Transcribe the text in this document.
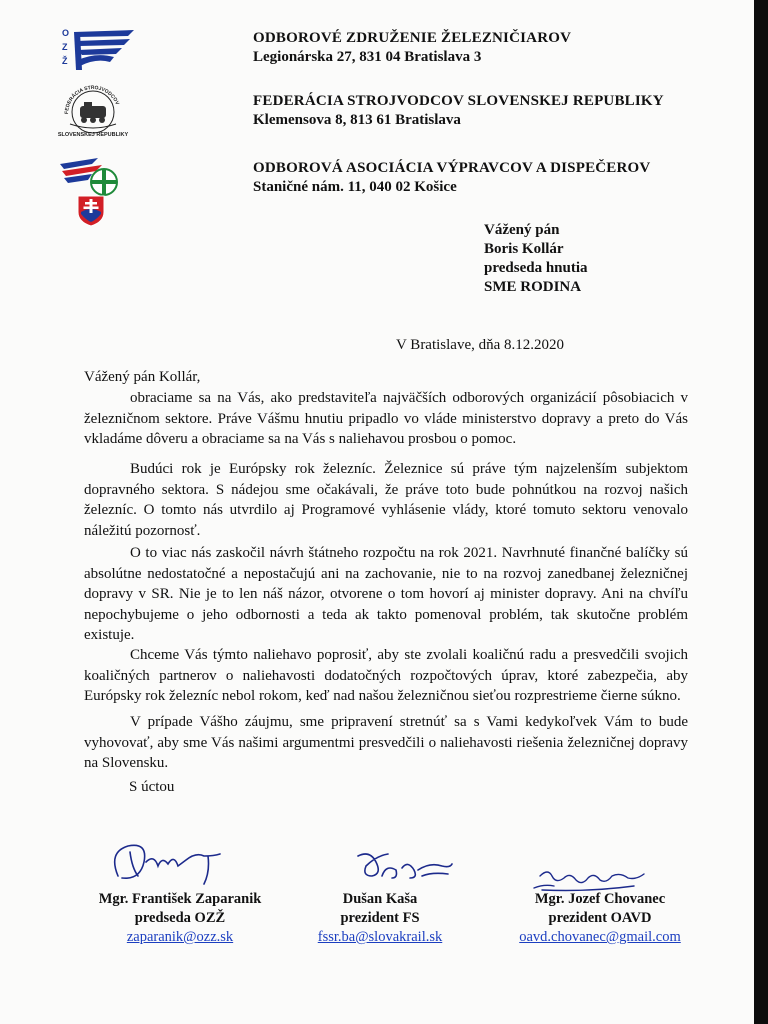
O
Z
Ž
FEDERÁCIA STROJVODCOV
SLOVENSKEJ REPUBLIKY
ODBOROVÉ ZDRUŽENIE ŽELEZNIČIAROV
Legionárska 27, 831 04 Bratislava 3
FEDERÁCIA STROJVODCOV SLOVENSKEJ REPUBLIKY
Klemensova 8, 813 61 Bratislava
ODBOROVÁ ASOCIÁCIA VÝPRAVCOV A DISPEČEROV
Staničné nám. 11, 040 02 Košice
Vážený pán
Boris Kollár
predseda hnutia
SME RODINA
V Bratislave, dňa 8.12.2020
Vážený pán Kollár,

obraciame sa na Vás, ako predstaviteľa najväčších odborových organizácií pôsobiacich v železničnom sektore. Práve Vášmu hnutiu pripadlo vo vláde ministerstvo dopravy a preto do Vás vkladáme dôveru a obraciame sa na Vás s naliehavou prosbou o pomoc.

Budúci rok je Európsky rok železníc. Železnice sú práve tým najzelenším subjektom dopravného sektora. S nádejou sme očakávali, že práve toto bude pohnútkou na rozvoj našich železníc. O tomto nás utvrdilo aj Programové vyhlásenie vlády, ktoré tomuto sektoru venovalo náležitú pozornosť.

O to viac nás zaskočil návrh štátneho rozpočtu na rok 2021. Navrhnuté finančné balíčky sú absolútne nedostatočné a nepostačujú ani na zachovanie, nie to na rozvoj zanedbanej železničnej dopravy v SR. Nie je to len náš názor, otvorene o tom hovorí aj minister dopravy. Ani na chvíľu nepochybujeme o jeho odbornosti a teda ak takto pomenoval problém, tak skutočne problém existuje.

Chceme Vás týmto naliehavo poprosiť, aby ste zvolali koaličnú radu a presvedčili svojich koaličných partnerov o naliehavosti dodatočných rozpočtových úprav, ktoré zabezpečia, aby Európsky rok železníc nebol rokom, keď nad našou železničnou sieťou rozprestrieme čierne súkno.

V prípade Vášho záujmu, sme pripravení stretnúť sa s Vami kedykoľvek Vám to bude vyhovovať, aby sme Vás našimi argumentmi presvedčili o naliehavosti riešenia železničnej dopravy na Slovensku.

S úctou
Mgr. František Zaparanik
predseda OZŽ
zaparanik@ozz.sk
Dušan Kaša
prezident FS
fssr.ba@slovakrail.sk
Mgr. Jozef Chovanec
prezident OAVD
oavd.chovanec@gmail.com
